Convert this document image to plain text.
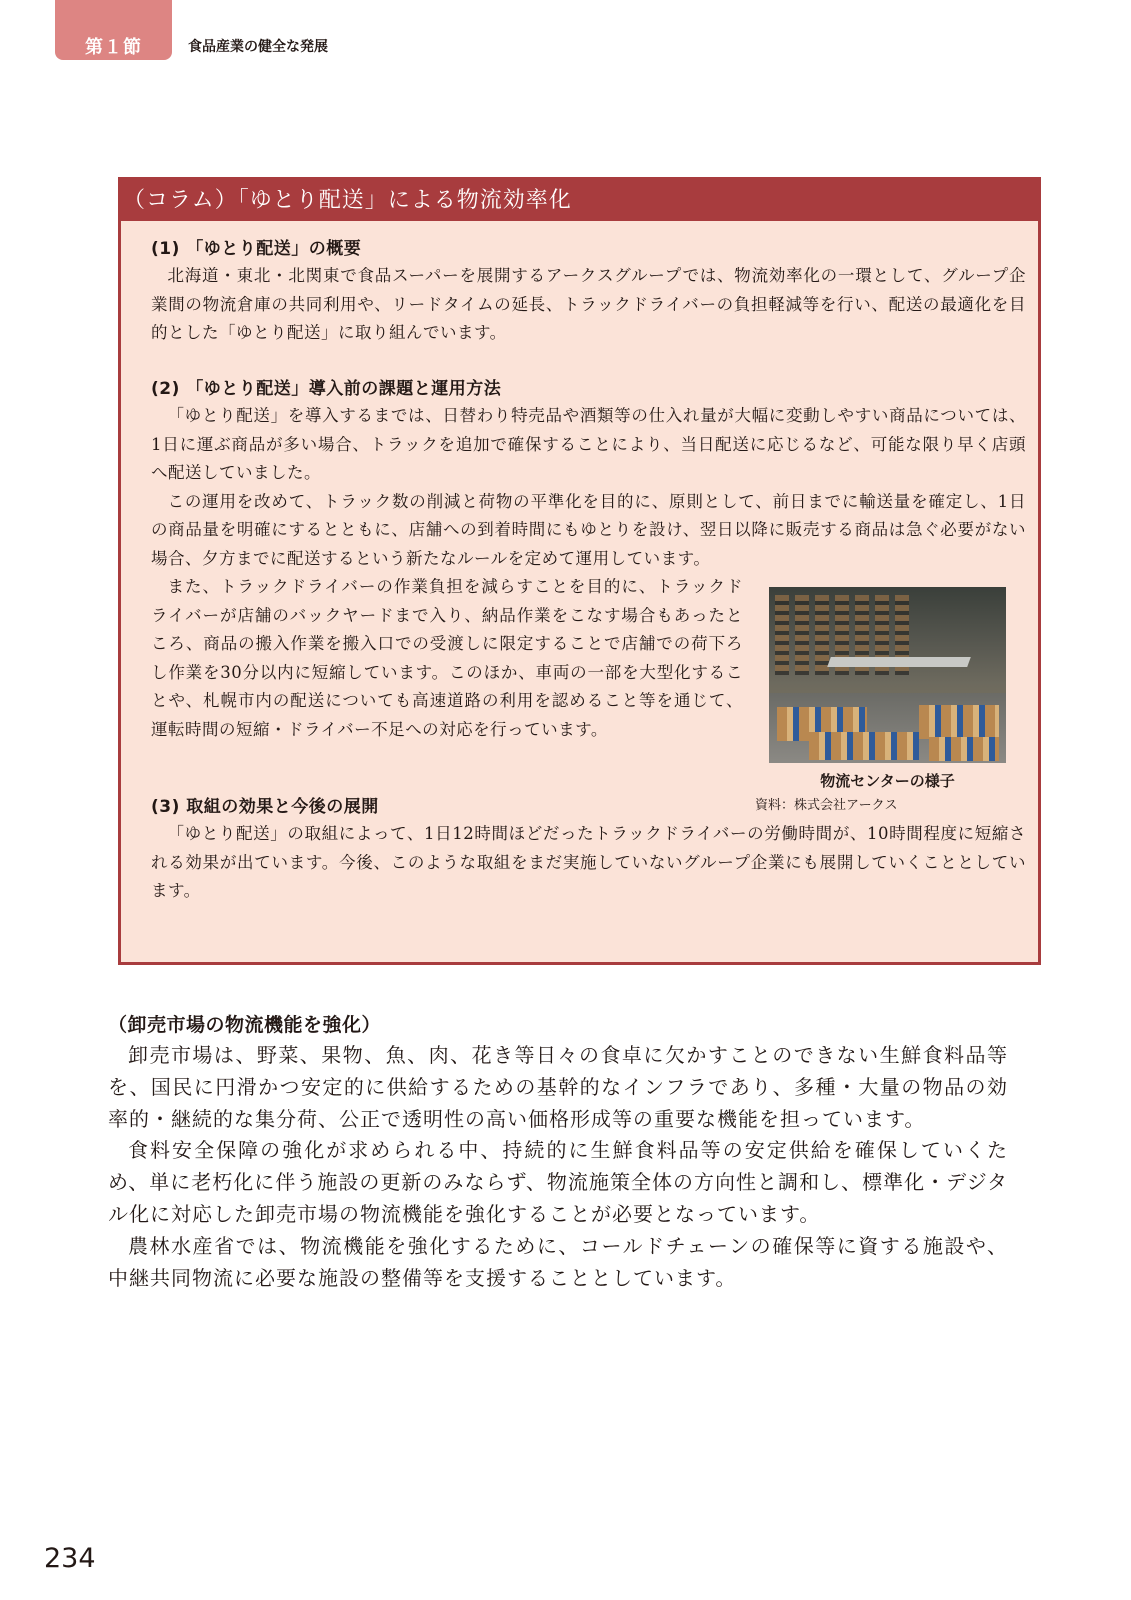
第１節	食品産業の健全な発展
（コラム）「ゆとり配送」による物流効率化
(1) 「ゆとり配送」の概要

北海道・東北・北関東で食品スーパーを展開するアークスグループでは、物流効率化の一環として、グループ企業間の物流倉庫の共同利用や、リードタイムの延長、トラックドライバーの負担軽減等を行い、配送の最適化を目的とした「ゆとり配送」に取り組んでいます。

(2) 「ゆとり配送」導入前の課題と運用方法

「ゆとり配送」を導入するまでは、日替わり特売品や酒類等の仕入れ量が大幅に変動しやすい商品については、1日に運ぶ商品が多い場合、トラックを追加で確保することにより、当日配送に応じるなど、可能な限り早く店頭へ配送していました。

この運用を改めて、トラック数の削減と荷物の平準化を目的に、原則として、前日までに輸送量を確定し、1日の商品量を明確にするとともに、店舗への到着時間にもゆとりを設け、翌日以降に販売する商品は急ぐ必要がない場合、夕方までに配送するという新たなルールを定めて運用しています。

また、トラックドライバーの作業負担を減らすことを目的に、トラックドライバーが店舗のバックヤードまで入り、納品作業をこなす場合もあったところ、商品の搬入作業を搬入口での受渡しに限定することで店舗での荷下ろし作業を30分以内に短縮しています。このほか、車両の一部を大型化することや、札幌市内の配送についても高速道路の利用を認めること等を通じて、運転時間の短縮・ドライバー不足への対応を行っています。

物流センターの様子
資料：株式会社アークス
(3) 取組の効果と今後の展開

「ゆとり配送」の取組によって、1日12時間ほどだったトラックドライバーの労働時間が、10時間程度に短縮される効果が出ています。今後、このような取組をまだ実施していないグループ企業にも展開していくこととしています。

（卸売市場の物流機能を強化）

卸売市場は、野菜、果物、魚、肉、花き等日々の食卓に欠かすことのできない生鮮食料品等を、国民に円滑かつ安定的に供給するための基幹的なインフラであり、多種・大量の物品の効率的・継続的な集分荷、公正で透明性の高い価格形成等の重要な機能を担っています。

食料安全保障の強化が求められる中、持続的に生鮮食料品等の安定供給を確保していくため、単に老朽化に伴う施設の更新のみならず、物流施策全体の方向性と調和し、標準化・デジタル化に対応した卸売市場の物流機能を強化することが必要となっています。

農林水産省では、物流機能を強化するために、コールドチェーンの確保等に資する施設や、中継共同物流に必要な施設の整備等を支援することとしています。

234
